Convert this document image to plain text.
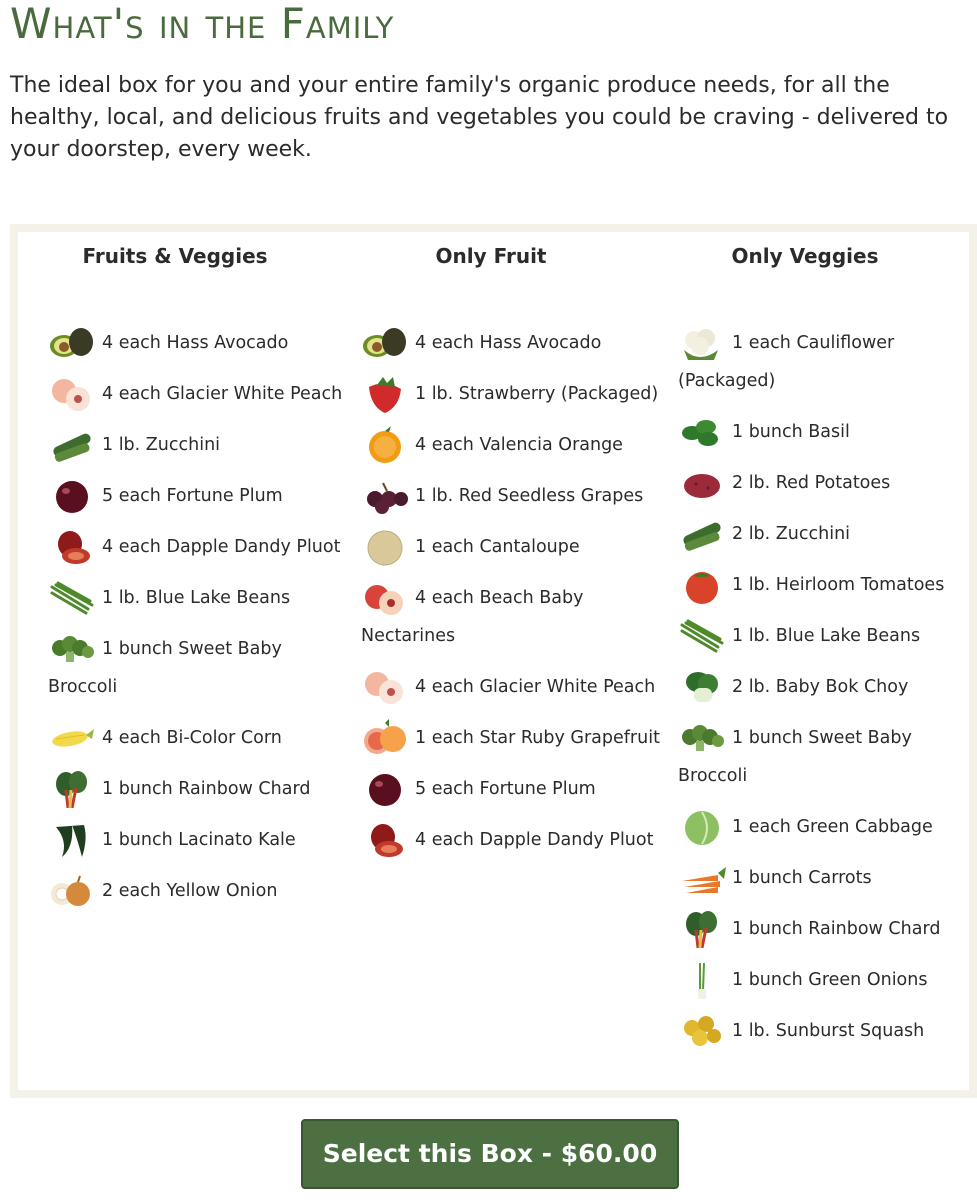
What's in the Family

The ideal box for you and your entire family's organic produce needs, for all the healthy, local, and delicious fruits and vegetables you could be craving - delivered to your doorstep, every week.

Fruits & Veggies
4 each Hass Avocado
4 each Glacier White Peach
1 lb. Zucchini
5 each Fortune Plum
4 each Dapple Dandy Pluot
1 lb. Blue Lake Beans
1 bunch Sweet Baby Broccoli
4 each Bi-Color Corn
1 bunch Rainbow Chard
1 bunch Lacinato Kale
2 each Yellow Onion
Only Fruit
4 each Hass Avocado
1 lb. Strawberry (Packaged)
4 each Valencia Orange
1 lb. Red Seedless Grapes
1 each Cantaloupe
4 each Beach Baby Nectarines
4 each Glacier White Peach
1 each Star Ruby Grapefruit
5 each Fortune Plum
4 each Dapple Dandy Pluot
Only Veggies
1 each Cauliflower (Packaged)
1 bunch Basil
2 lb. Red Potatoes
2 lb. Zucchini
1 lb. Heirloom Tomatoes
1 lb. Blue Lake Beans
2 lb. Baby Bok Choy
1 bunch Sweet Baby Broccoli
1 each Green Cabbage
1 bunch Carrots
1 bunch Rainbow Chard
1 bunch Green Onions
1 lb. Sunburst Squash
Select this Box - $60.00
